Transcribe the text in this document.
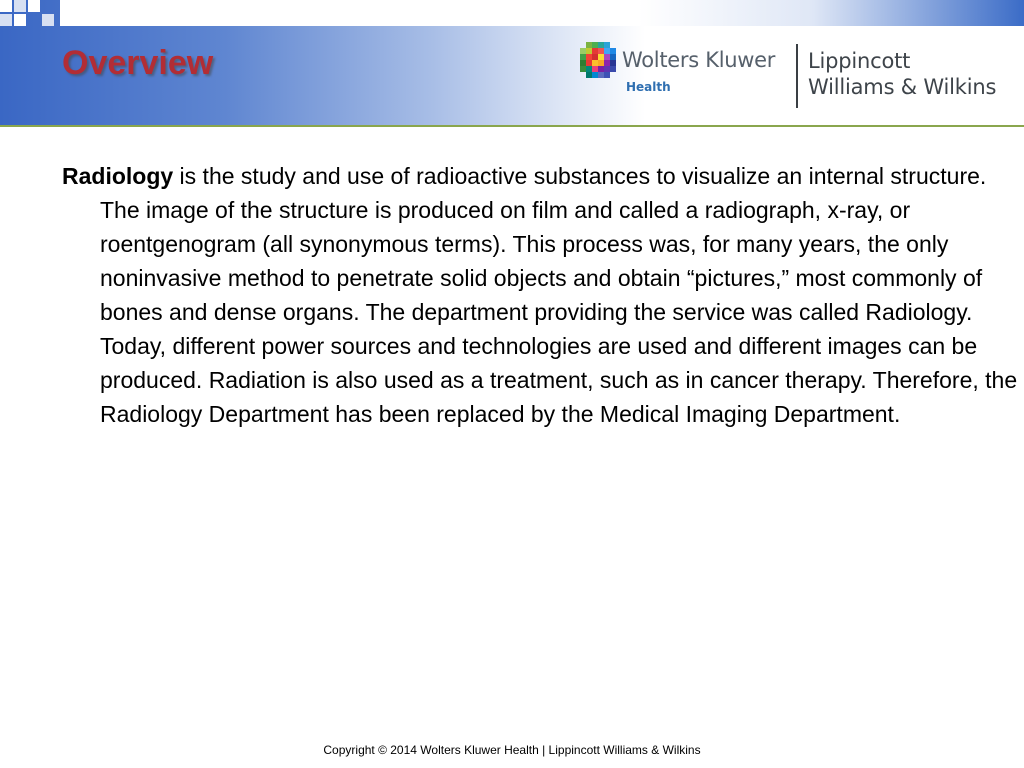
Overview	Wolters Kluwer
Health
Lippincott
Williams & Wilkins

Radiology is the study and use of radioactive substances to visualize an internal structure. The image of the structure is produced on film and called a radiograph, x-ray, or roentgenogram (all synonymous terms). This process was, for many years, the only noninvasive method to penetrate solid objects and obtain “pictures,” most commonly of bones and dense organs. The department providing the service was called Radiology. Today, different power sources and technologies are used and different images can be produced. Radiation is also used as a treatment, such as in cancer therapy. Therefore, the Radiology Department has been replaced by the Medical Imaging Department.

Copyright © 2014 Wolters Kluwer Health | Lippincott Williams & Wilkins
